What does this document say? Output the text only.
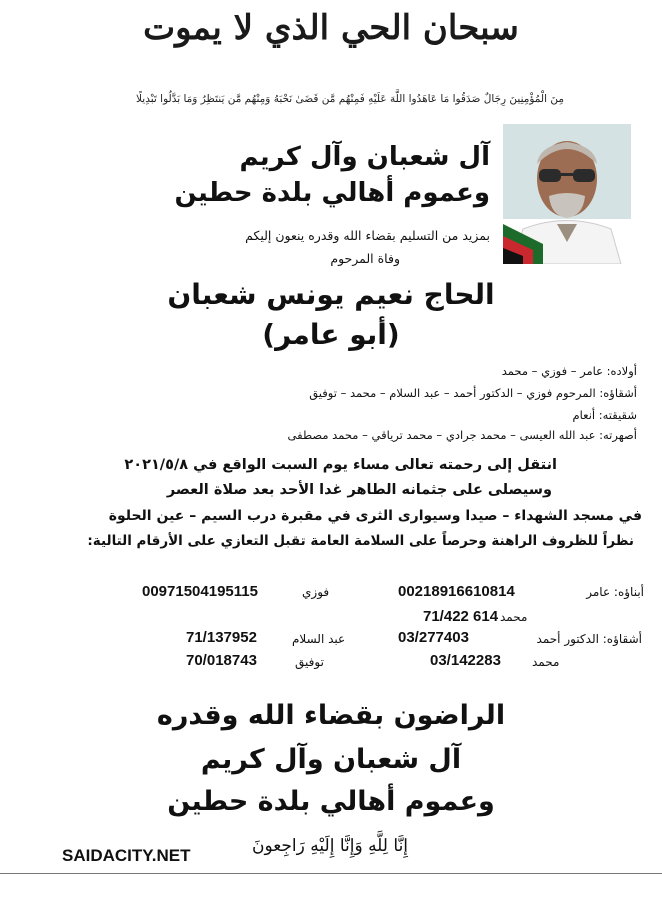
سبحان الحي الذي لا يموت
مِنَ الْمُؤْمِنِينَ رِجَالٌ صَدَقُوا مَا عَاهَدُوا اللَّهَ عَلَيْهِ فَمِنْهُم مَّن قَضَىٰ نَحْبَهُ وَمِنْهُم مَّن يَنتَظِرُ وَمَا بَدَّلُوا تَبْدِيلًا
آل شعبان وآل كريم
وعموم أهالي بلدة حطين
بمزيد من التسليم بقضاء الله وقدره ينعون إليكم
وفاة المرحوم
الحاج نعيم يونس شعبان
(أبو عامر)
أولاده: عامر – فوزي – محمد
أشقاؤه: المرحوم فوزي – الدكتور أحمد – عبد السلام – محمد – توفيق
شقيقته: أنعام
أصهرته: عبد الله العيسى – محمد جرادي – محمد ترياقي – محمد مصطفى
انتقل إلى رحمته تعالى مساء يوم السبت الواقع في ٢٠٢١/٥/٨
وسيصلى على جثمانه الطاهر غدا الأحد بعد صلاة العصر
في مسجد الشهداء – صيدا وسيوارى الثرى في مقبرة درب السيم – عين الحلوة
نظراً للظروف الراهنة وحرصاً على السلامة العامة تقبل التعازي على الأرقام التالية:
أبناؤه: عامر
00218916610814
فوزي
00971504195115
محمد
71/422 614
أشقاؤه: الدكتور أحمد
03/277403
عبد السلام
71/137952
محمد
03/142283
توفيق
70/018743
الراضون بقضاء الله وقدره
آل شعبان وآل كريم
وعموم أهالي بلدة حطين
إِنَّا لِلَّهِ وَإِنَّا إِلَيْهِ رَاجِعونَ
SAIDACITY.NET
